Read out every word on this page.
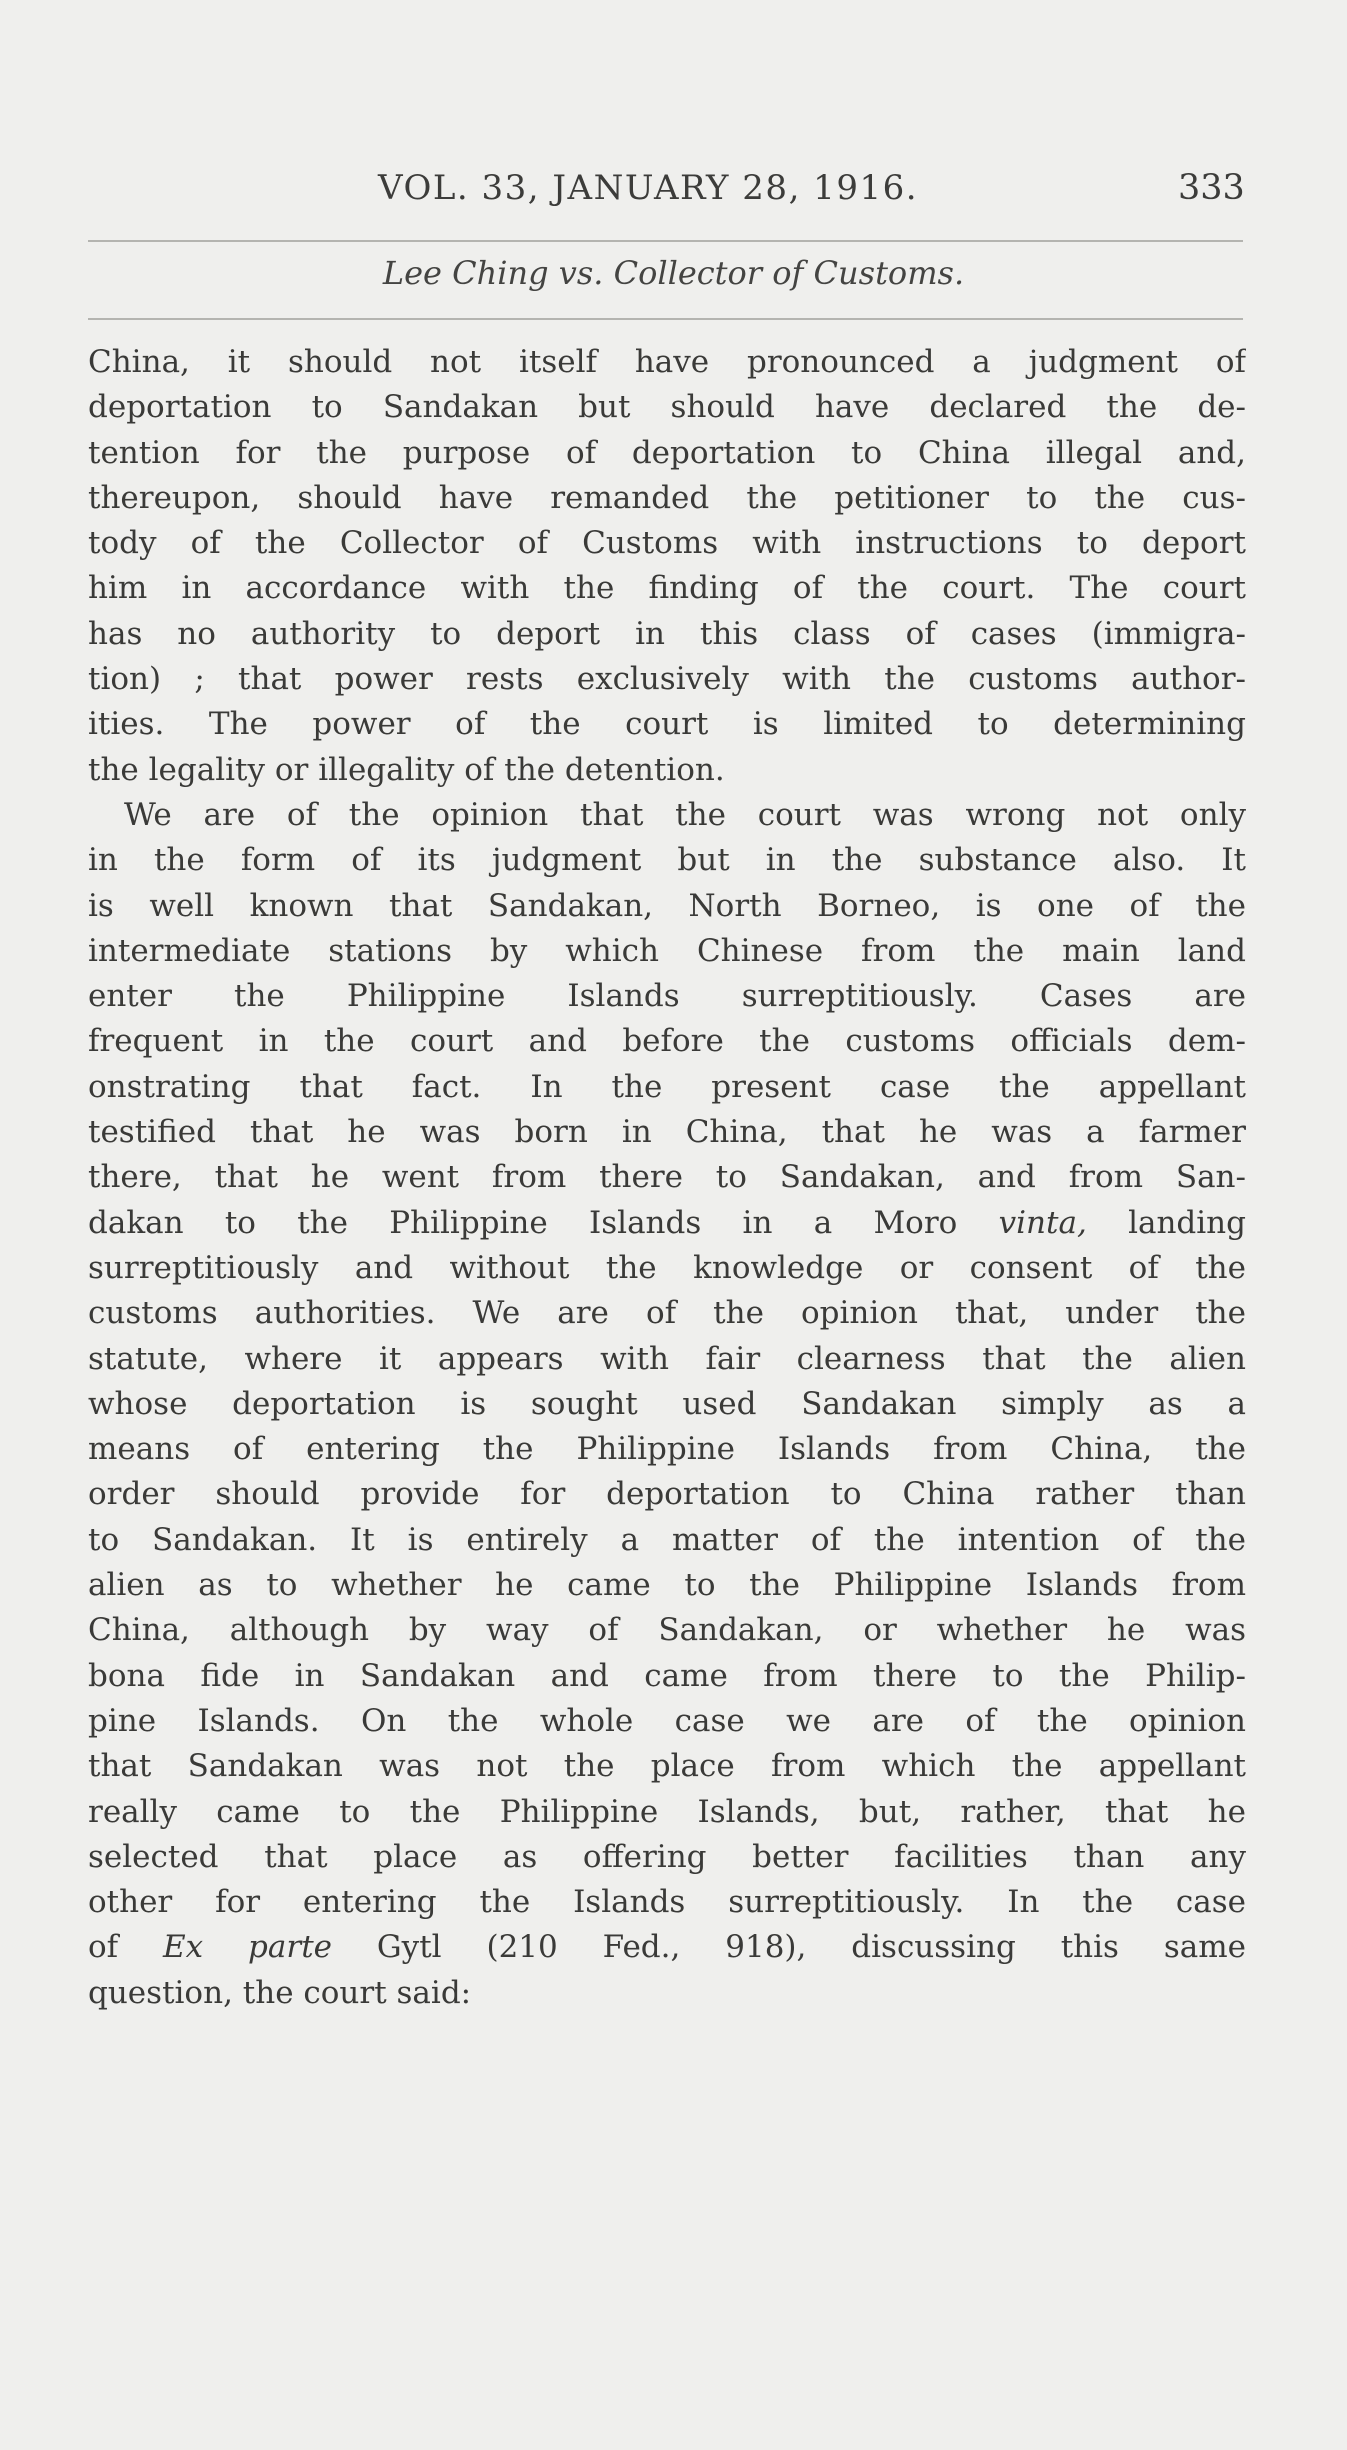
VOL. 33, JANUARY 28, 1916.	333
Lee Ching vs. Collector of Customs.
China, it should not itself have pronounced a judgment of
deportation to Sandakan but should have declared the de-
tention for the purpose of deportation to China illegal and,
thereupon, should have remanded the petitioner to the cus-
tody of the Collector of Customs with instructions to deport
him in accordance with the finding of the court. The court
has no authority to deport in this class of cases (immigra-
tion) ; that power rests exclusively with the customs author-
ities. The power of the court is limited to determining
the legality or illegality of the detention.
We are of the opinion that the court was wrong not only
in the form of its judgment but in the substance also. It
is well known that Sandakan, North Borneo, is one of the
intermediate stations by which Chinese from the main land
enter the Philippine Islands surreptitiously. Cases are
frequent in the court and before the customs officials dem-
onstrating that fact. In the present case the appellant
testified that he was born in China, that he was a farmer
there, that he went from there to Sandakan, and from San-
dakan to the Philippine Islands in a Moro vinta, landing
surreptitiously and without the knowledge or consent of the
customs authorities. We are of the opinion that, under the
statute, where it appears with fair clearness that the alien
whose deportation is sought used Sandakan simply as a
means of entering the Philippine Islands from China, the
order should provide for deportation to China rather than
to Sandakan. It is entirely a matter of the intention of the
alien as to whether he came to the Philippine Islands from
China, although by way of Sandakan, or whether he was
bona fide in Sandakan and came from there to the Philip-
pine Islands. On the whole case we are of the opinion
that Sandakan was not the place from which the appellant
really came to the Philippine Islands, but, rather, that he
selected that place as offering better facilities than any
other for entering the Islands surreptitiously. In the case
of Ex parte Gytl (210 Fed., 918), discussing this same
question, the court said:
